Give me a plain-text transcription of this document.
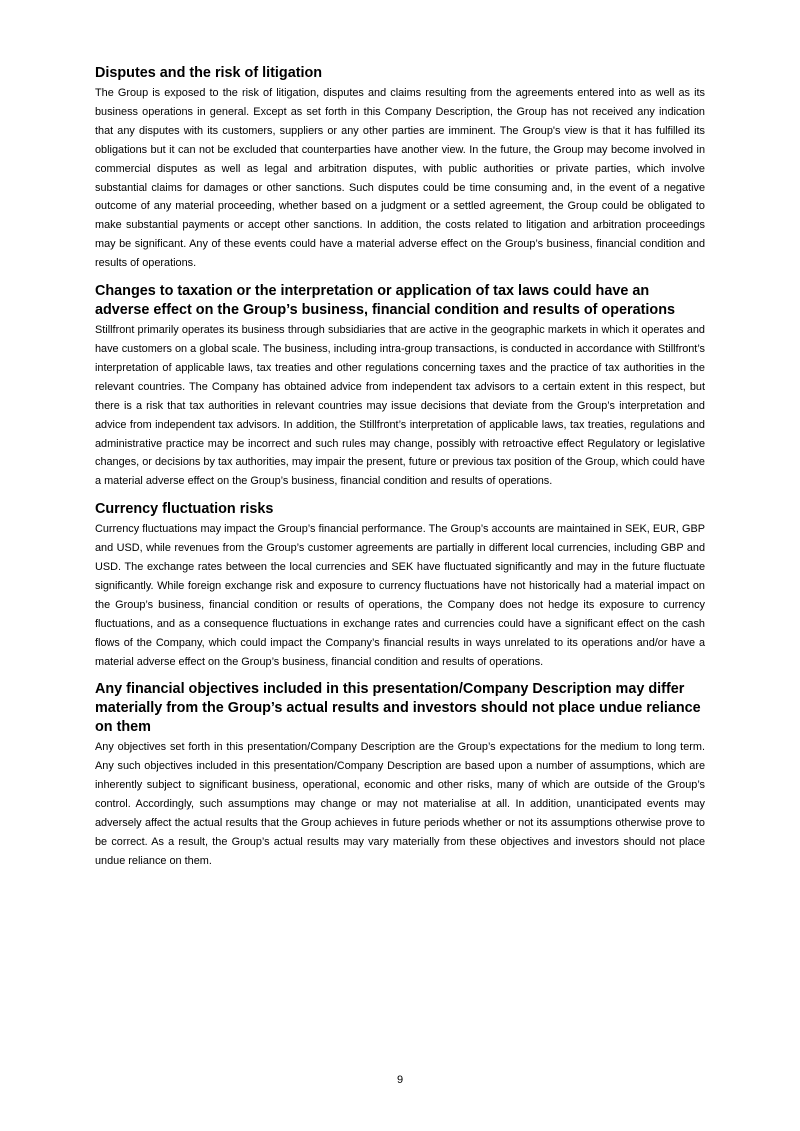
Disputes and the risk of litigation

The Group is exposed to the risk of litigation, disputes and claims resulting from the agreements entered into as well as its business operations in general. Except as set forth in this Company Description, the Group has not received any indication that any disputes with its customers, suppliers or any other parties are imminent. The Group's view is that it has fulfilled its obligations but it can not be excluded that counterparties have another view. In the future, the Group may become involved in commercial disputes as well as legal and arbitration disputes, with public authorities or private parties, which involve substantial claims for damages or other sanctions. Such disputes could be time consuming and, in the event of a negative outcome of any material proceeding, whether based on a judgment or a settled agreement, the Group could be obligated to make substantial payments or accept other sanctions. In addition, the costs related to litigation and arbitration proceedings may be significant. Any of these events could have a material adverse effect on the Group’s business, financial condition and results of operations.

Changes to taxation or the interpretation or application of tax laws could have an adverse effect on the Group’s business, financial condition and results of operations

Stillfront primarily operates its business through subsidiaries that are active in the geographic markets in which it operates and have customers on a global scale. The business, including intra-group transactions, is conducted in accordance with Stillfront’s interpretation of applicable laws, tax treaties and other regulations concerning taxes and the practice of tax authorities in the relevant countries. The Company has obtained advice from independent tax advisors to a certain extent in this respect, but there is a risk that tax authorities in relevant countries may issue decisions that deviate from the Group’s interpretation and advice from independent tax advisors. In addition, the Stillfront’s interpretation of applicable laws, tax treaties, regulations and administrative practice may be incorrect and such rules may change, possibly with retroactive effect Regulatory or legislative changes, or decisions by tax authorities, may impair the present, future or previous tax position of the Group, which could have a material adverse effect on the Group’s business, financial condition and results of operations.

Currency fluctuation risks

Currency fluctuations may impact the Group’s financial performance. The Group’s accounts are maintained in SEK, EUR, GBP and USD, while revenues from the Group’s customer agreements are partially in different local currencies, including GBP and USD. The exchange rates between the local currencies and SEK have fluctuated significantly and may in the future fluctuate significantly. While foreign exchange risk and exposure to currency fluctuations have not historically had a material impact on the Group’s business, financial condition or results of operations, the Company does not hedge its exposure to currency fluctuations, and as a consequence fluctuations in exchange rates and currencies could have a significant effect on the cash flows of the Company, which could impact the Company’s financial results in ways unrelated to its operations and/or have a material adverse effect on the Group’s business, financial condition and results of operations.

Any financial objectives included in this presentation/Company Description may differ materially from the Group’s actual results and investors should not place undue reliance on them

Any objectives set forth in this presentation/Company Description are the Group’s expectations for the medium to long term. Any such objectives included in this presentation/Company Description are based upon a number of assumptions, which are inherently subject to significant business, operational, economic and other risks, many of which are outside of the Group’s control. Accordingly, such assumptions may change or may not materialise at all. In addition, unanticipated events may adversely affect the actual results that the Group achieves in future periods whether or not its assumptions otherwise prove to be correct. As a result, the Group’s actual results may vary materially from these objectives and investors should not place undue reliance on them.

9
